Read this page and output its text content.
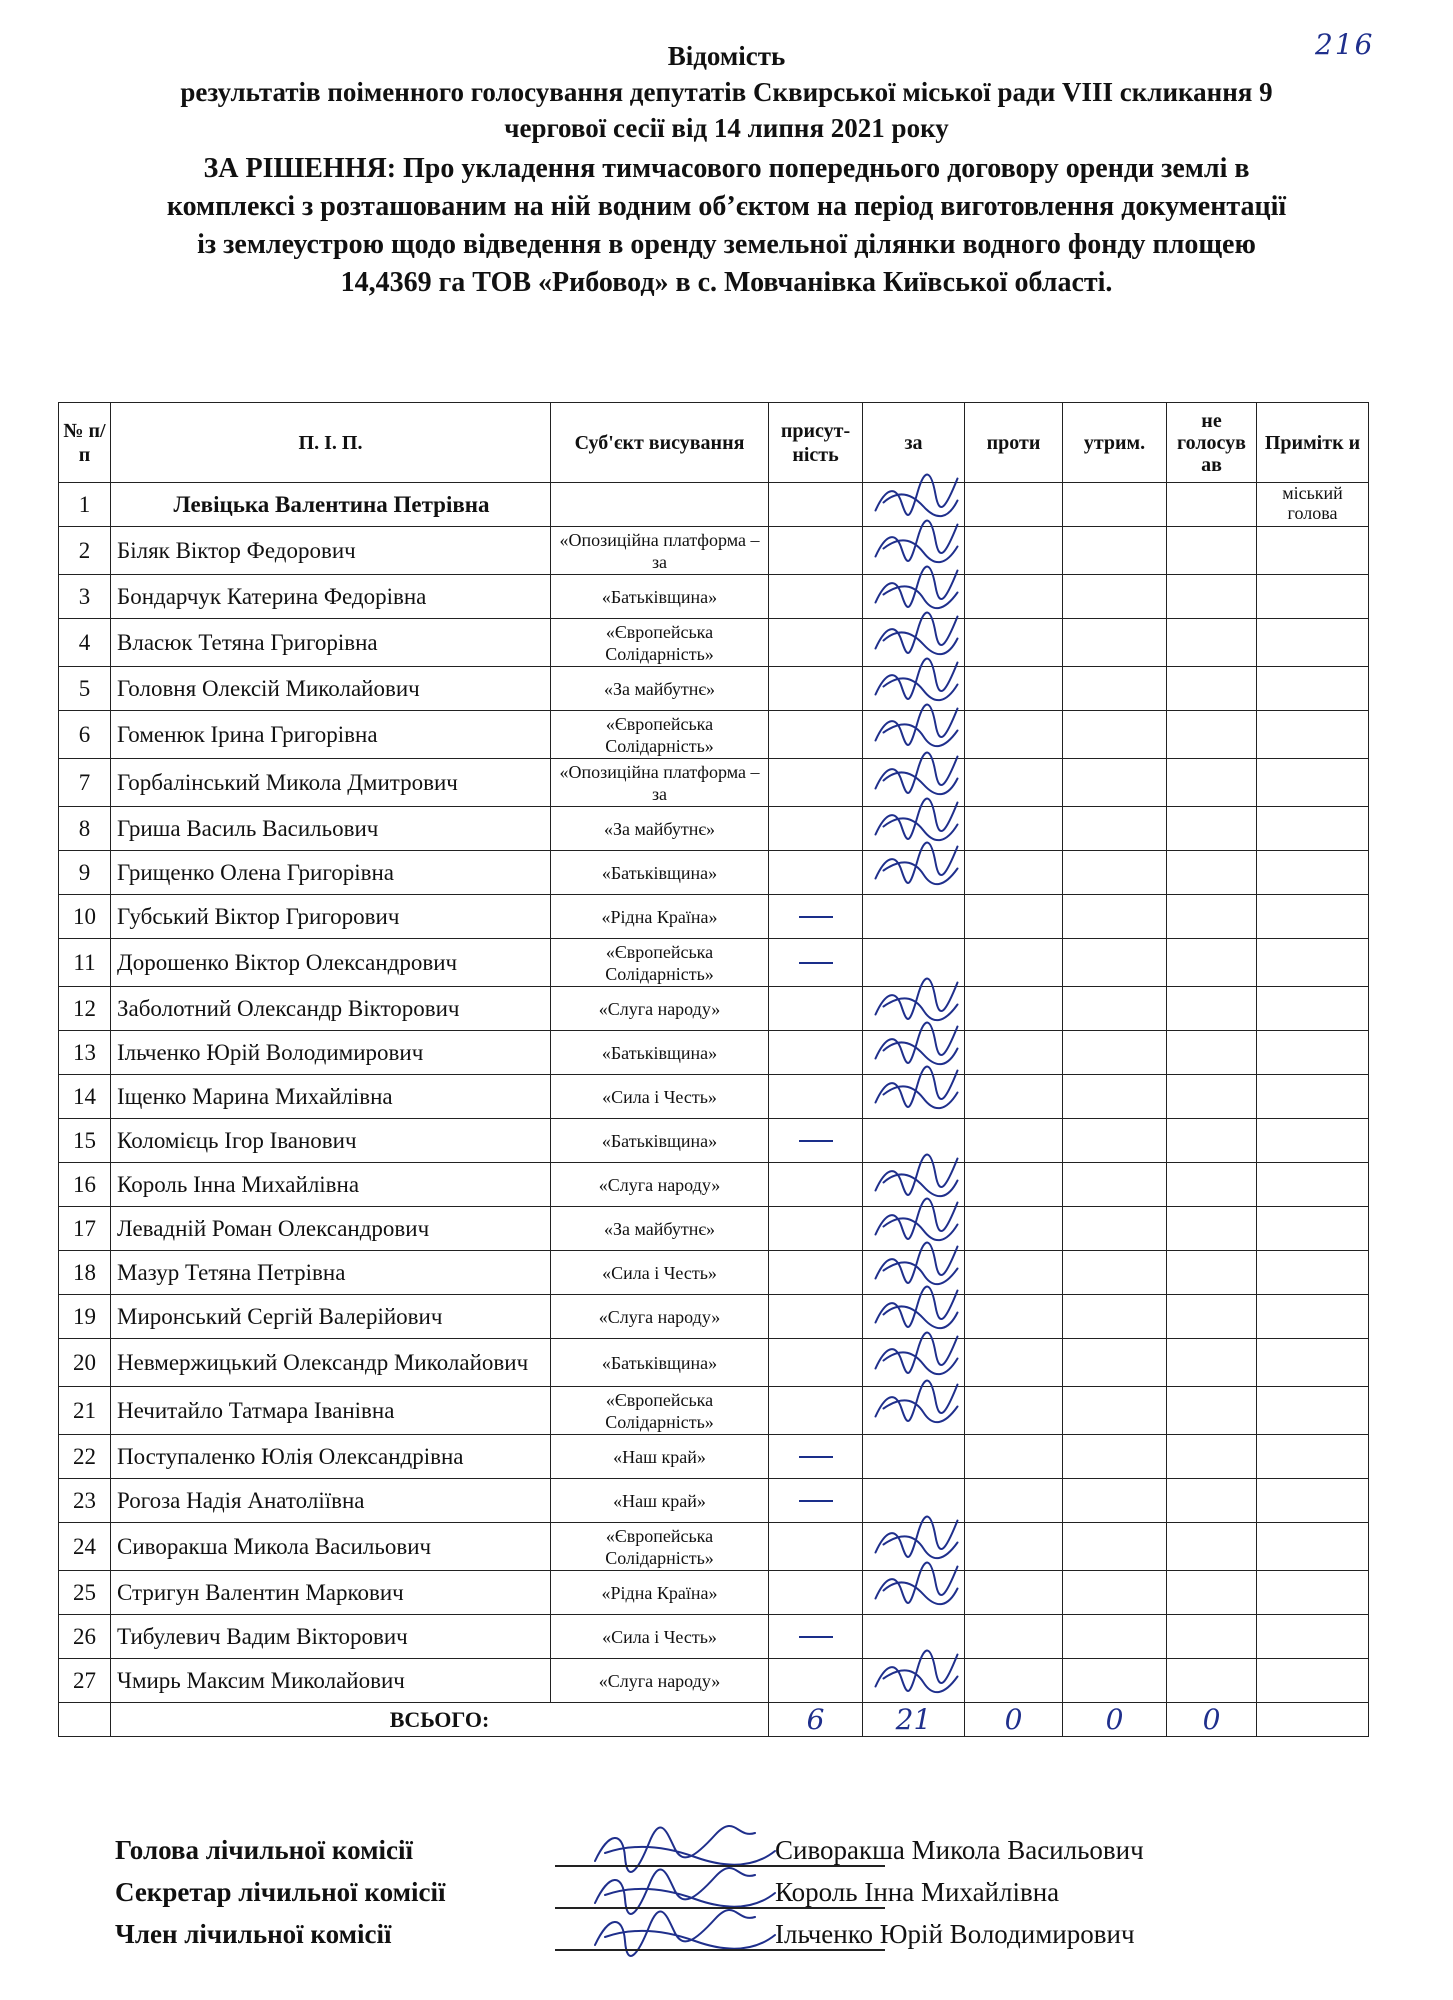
216
Відомість
результатів поіменного голосування депутатів Сквирської міської ради VIII скликання 9
чергової сесії від 14 липня 2021 року
ЗА РІШЕННЯ: Про укладення тимчасового попереднього договору оренди землі в
комплексі з розташованим на ній водним об’єктом на період виготовлення документації
із землеустрою щодо відведення в оренду земельної ділянки водного фонду площею
14,4369 га ТОВ «Рибовод» в с. Мовчанівка Київської області.
№ п/п	П. І. П.	Суб'єкт висування	присут-ність	за	проти	утрим.	не голосув ав	Примітк и
1	Левіцька Валентина Петрівна							міський голова
2	Біляк Віктор Федорович	«Опозиційна платформа – за						
3	Бондарчук Катерина Федорівна	«Батьківщина»						
4	Власюк Тетяна Григорівна	«Європейська Солідарність»						
5	Головня Олексій Миколайович	«За майбутнє»						
6	Гоменюк Ірина Григорівна	«Європейська Солідарність»						
7	Горбалінський Микола Дмитрович	«Опозиційна платформа – за						
8	Гриша Василь Васильович	«За майбутнє»						
9	Грищенко Олена Григорівна	«Батьківщина»						
10	Губський Віктор Григорович	«Рідна Країна»						
11	Дорошенко Віктор Олександрович	«Європейська Солідарність»						
12	Заболотний Олександр Вікторович	«Слуга народу»						
13	Ільченко Юрій Володимирович	«Батьківщина»						
14	Іщенко Марина Михайлівна	«Сила і Честь»						
15	Коломієць Ігор Іванович	«Батьківщина»						
16	Король Інна Михайлівна	«Слуга народу»						
17	Левадній Роман Олександрович	«За майбутнє»						
18	Мазур Тетяна Петрівна	«Сила і Честь»						
19	Миронський Сергій Валерійович	«Слуга народу»						
20	Невмержицький Олександр Миколайович	«Батьківщина»						
21	Нечитайло Татмара Іванівна	«Європейська Солідарність»						
22	Поступаленко Юлія Олександрівна	«Наш край»						
23	Рогоза Надія Анатоліївна	«Наш край»						
24	Сиворакша Микола Васильович	«Європейська Солідарність»						
25	Стригун Валентин Маркович	«Рідна Країна»						
26	Тибулевич Вадим Вікторович	«Сила і Честь»						
27	Чмирь Максим Миколайович	«Слуга народу»						
	ВСЬОГО:		6	21	0	0	0	
Голова лічильної комісії	Сиворакша Микола Васильович
Секретар лічильної комісії	Король Інна Михайлівна
Член лічильної комісії	Ільченко Юрій Володимирович
